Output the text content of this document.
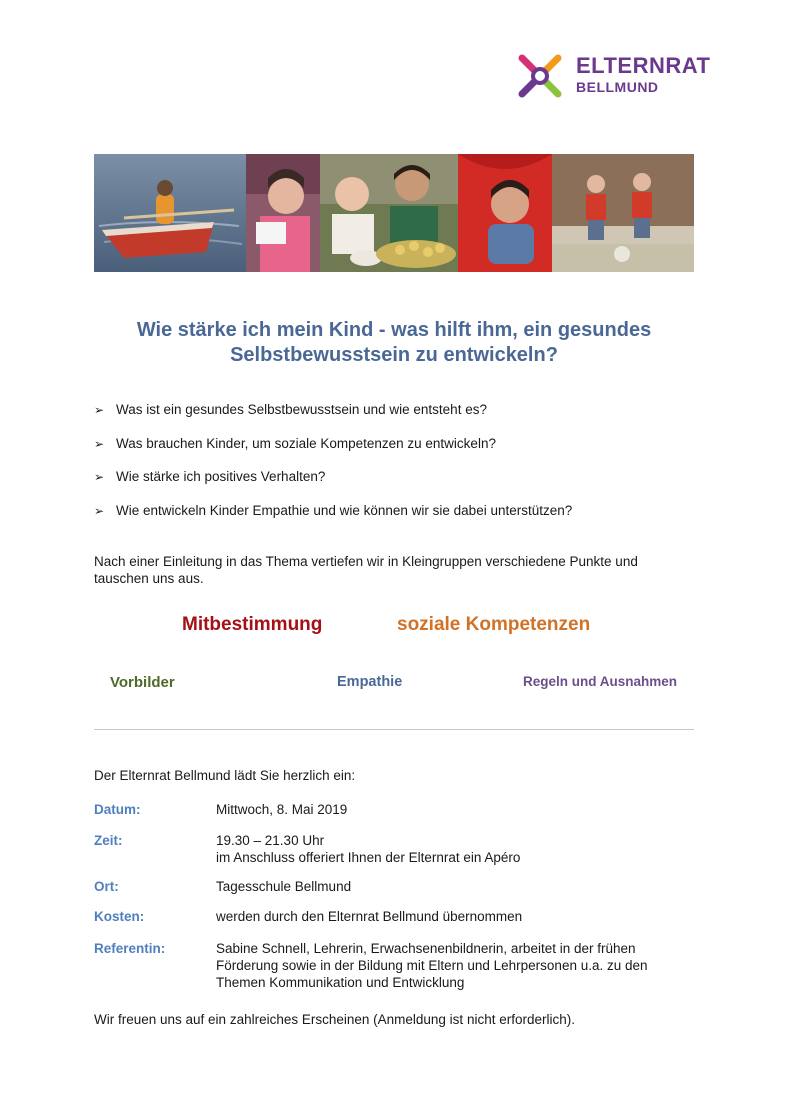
ELTERNRAT
BELLMUND
Wie stärke ich mein Kind - was hilft ihm, ein gesundes
Selbstbewusstsein zu entwickeln?
➢ Was ist ein gesundes Selbstbewusstsein und wie entsteht es?
➢ Was brauchen Kinder, um soziale Kompetenzen zu entwickeln?
➢ Wie stärke ich positives Verhalten?
➢ Wie entwickeln Kinder Empathie und wie können wir sie dabei unterstützen?
Nach einer Einleitung in das Thema vertiefen wir in Kleingruppen verschiedene Punkte und
tauschen uns aus.
Mitbestimmung	soziale Kompetenzen
Vorbilder	Empathie	Regeln und Ausnahmen
Der Elternrat Bellmund lädt Sie herzlich ein:
Datum:	Mittwoch, 8. Mai 2019
Zeit:	19.30 – 21.30 Uhr
im Anschluss offeriert Ihnen der Elternrat ein Apéro
Ort:	Tagesschule Bellmund
Kosten:	werden durch den Elternrat Bellmund übernommen
Referentin:	Sabine Schnell, Lehrerin, Erwachsenenbildnerin, arbeitet in der frühen
Förderung sowie in der Bildung mit Eltern und Lehrpersonen u.a. zu den
Themen Kommunikation und Entwicklung
Wir freuen uns auf ein zahlreiches Erscheinen (Anmeldung ist nicht erforderlich).
